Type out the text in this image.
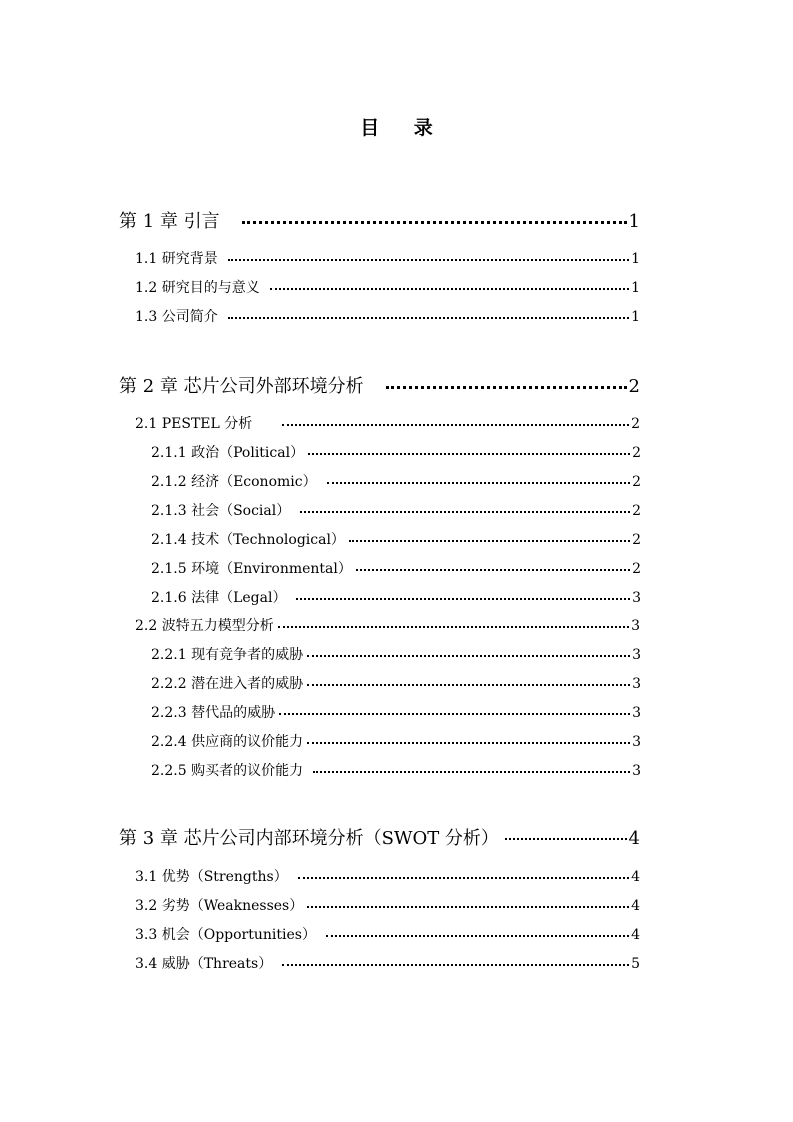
目 录
第 1 章 引言	1
1.1 研究背景	1
1.2 研究目的与意义	1
1.3 公司简介	1
第 2 章 芯片公司外部环境分析	2
2.1 PESTEL 分析	2
2.1.1 政治（Political）	2
2.1.2 经济（Economic）	2
2.1.3 社会（Social）	2
2.1.4 技术（Technological）	2
2.1.5 环境（Environmental）	2
2.1.6 法律（Legal）	3
2.2 波特五力模型分析	3
2.2.1 现有竞争者的威胁	3
2.2.2 潜在进入者的威胁	3
2.2.3 替代品的威胁	3
2.2.4 供应商的议价能力	3
2.2.5 购买者的议价能力	3
第 3 章 芯片公司内部环境分析（SWOT 分析）	4
3.1 优势（Strengths）	4
3.2 劣势（Weaknesses）	4
3.3 机会（Opportunities）	4
3.4 威胁（Threats）	5
